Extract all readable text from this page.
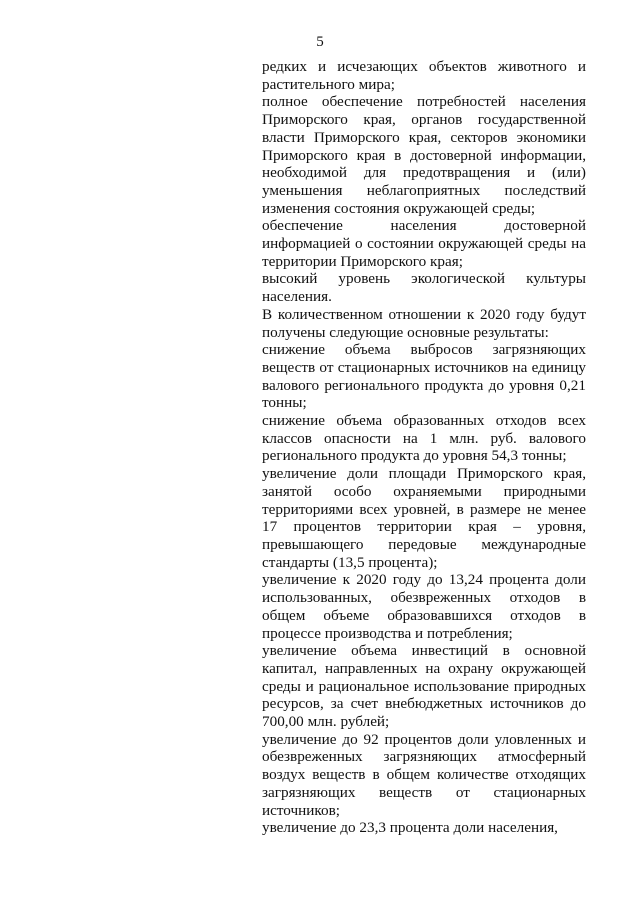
5

редких и исчезающих объектов животного и растительного мира;

полное обеспечение потребностей населения Приморского края, органов государственной власти Приморского края, секторов экономики Приморского края в достоверной информации, необходимой для предотвращения и (или) уменьшения неблагоприятных последствий изменения состояния окружающей среды;

обеспечение населения достоверной информацией о состоянии окружающей среды на территории Приморского края;

высокий уровень экологической культуры населения.

В количественном отношении к 2020 году будут получены следующие основные результаты:

снижение объема выбросов загрязняющих веществ от стационарных источников на единицу валового регионального продукта до уровня 0,21 тонны;

снижение объема образованных отходов всех классов опасности на 1 млн. руб. валового регионального продукта до уровня 54,3 тонны;

увеличение доли площади Приморского края, занятой особо охраняемыми природными территориями всех уровней, в размере не менее 17 процентов территории края – уровня, превышающего передовые международные стандарты (13,5 процента);

увеличение к 2020 году до 13,24 процента доли использованных, обезвреженных отходов в общем объеме образовавшихся отходов в процессе производства и потребления;

увеличение объема инвестиций в основной капитал, направленных на охрану окружающей среды и рациональное использование природных ресурсов, за счет внебюджетных источников до 700,00 млн. рублей;

увеличение до 92 процентов доли уловленных и обезвреженных загрязняющих атмосферный воздух веществ в общем количестве отходящих загрязняющих веществ от стационарных источников;

увеличение до 23,3 процента доли населения,
